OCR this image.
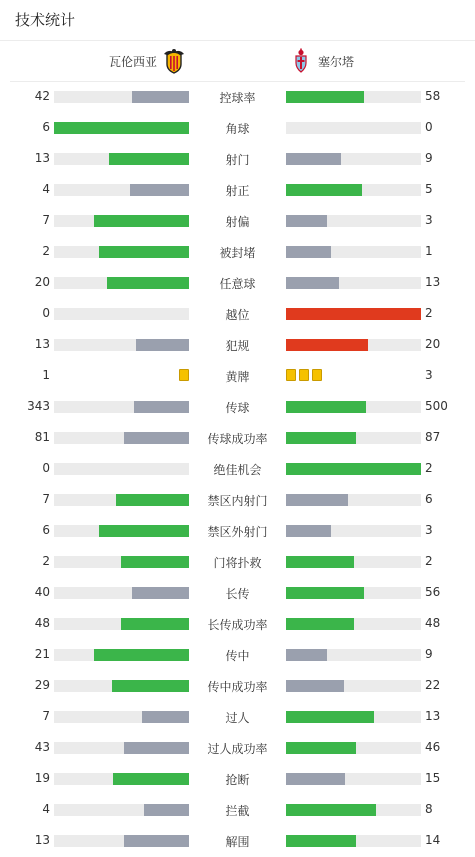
技术统计
瓦伦西亚	塞尔塔
42	控球率	58
6	角球	0
13	射门	9
4	射正	5
7	射偏	3
2	被封堵	1
20	任意球	13
0	越位	2
13	犯规	20
1	黄牌	3
343	传球	500
81	传球成功率	87
0	绝佳机会	2
7	禁区内射门	6
6	禁区外射门	3
2	门将扑救	2
40	长传	56
48	长传成功率	48
21	传中	9
29	传中成功率	22
7	过人	13
43	过人成功率	46
19	抢断	15
4	拦截	8
13	解围	14
